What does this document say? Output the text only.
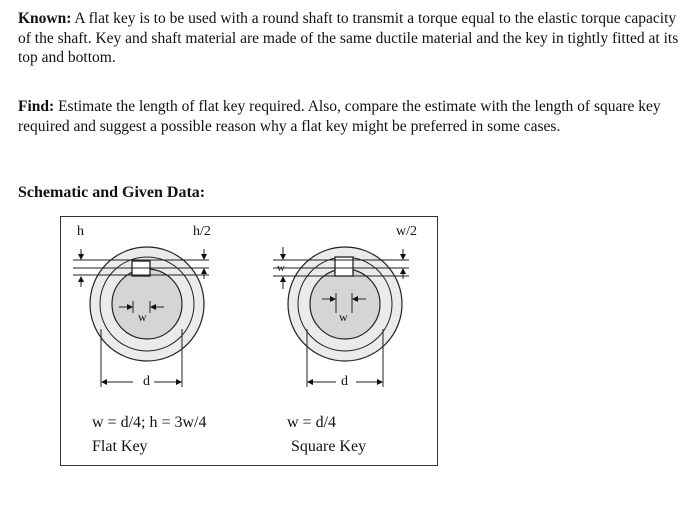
Known: A flat key is to be used with a round shaft to transmit a torque equal to the elastic torque capacity of the shaft. Key and shaft material are made of the same ductile material and the key in tightly fitted at its top and bottom.
Find: Estimate the length of flat key required. Also, compare the estimate with the length of square key required and suggest a possible reason why a flat key might be preferred in some cases.
Schematic and Given Data:
h	h/2
w
d
w = d/4; h = 3w/4
Flat Key
w
w/2
w
d
w = d/4
Square Key
